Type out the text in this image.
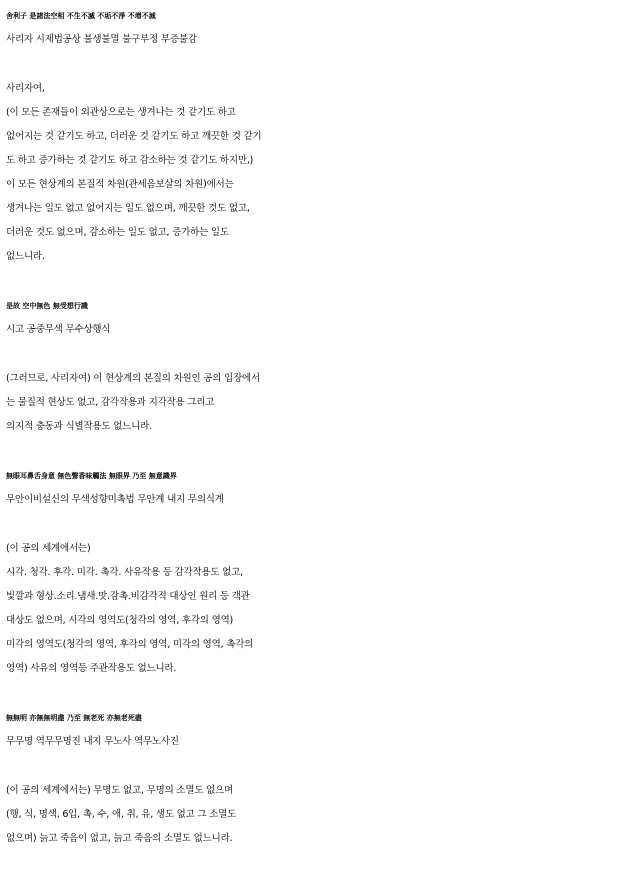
舍利子 是諸法空相 不生不滅 不垢不淨 不增不減
사리자 시제법공상 불생불멸 불구부정 부증불감
사리자여,
(이 모든 존재들이 외관상으로는 생겨나는 것 같기도 하고
없어지는 것 같기도 하고, 더러운 것 같기도 하고 깨끗한 것 같기
도 하고 증가하는 것 같기도 하고 감소하는 것 같기도 하지만,)
이 모든 현상계의 본질적 차원(관세음보살의 차원)에서는
생겨나는 일도 없고 없어지는 일도 없으며, 깨끗한 것도 없고,
더러운 것도 없으며, 감소하는 일도 없고, 증가하는 일도
없느니라.
是故 空中無色 無受想行識
시고 공중무색 무수상행식
(그러므로, 사리자여) 이 현상계의 본질의 차원인 공의 입장에서
는 물질적 현상도 없고, 감각작용과 지각작용 그리고
의지적 충동과 식별작용도 없느니라.
無眼耳鼻舌身意 無色聲香味觸法 無眼界 乃至 無意識界
무안이비설신의 무색성향미촉법 무안계 내지 무의식계
(이 공의 세계에서는)
시각. 청각. 후각. 미각. 촉각. 사유작용 등 감각작용도 없고,
빛깔과 형상.소리.냄새.맛.감촉.비감각적 대상인 원리 등 객관
대상도 없으며, 시각의 영역도(청각의 영역, 후각의 영역)
미각의 영역도(청각의 영역, 후각의 영역, 미각의 영역, 촉각의
영역) 사유의 영역등 주관작용도 없느니라.
無無明 亦無無明盡 乃至 無老死 亦無老死盡
무무명 역무무명진 내지 무노사 역무노사진
(이 공의 세계에서는) 무명도 없고, 무명의 소멸도 없으며
(행, 식, 명색, 6입, 촉, 수, 애, 취, 유, 생도 없고 그 소멸도
없으며) 늙고 죽음이 없고, 늙고 죽음의 소멸도 없느니라.
